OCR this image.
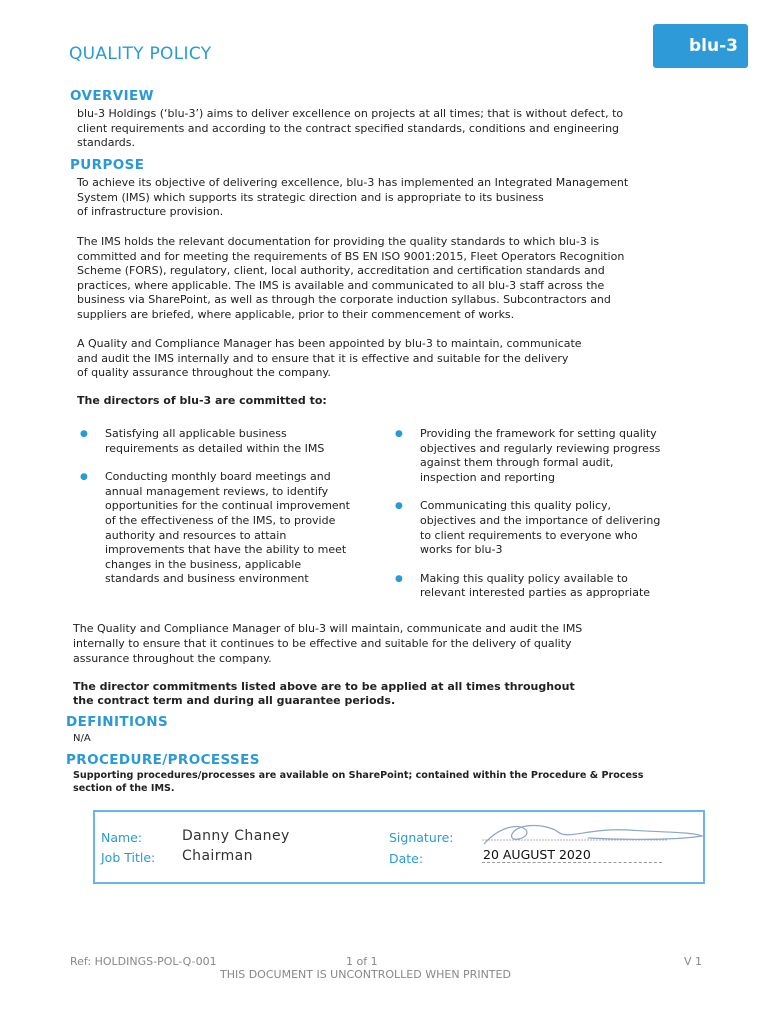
QUALITY POLICY	blu-3
OVERVIEW
blu-3 Holdings (‘blu-3’) aims to deliver excellence on projects at all times; that is without defect, to
client requirements and according to the contract specified standards, conditions and engineering
standards.
PURPOSE
To achieve its objective of delivering excellence, blu-3 has implemented an Integrated Management
System (IMS) which supports its strategic direction and is appropriate to its business
of infrastructure provision.
The IMS holds the relevant documentation for providing the quality standards to which blu-3 is
committed and for meeting the requirements of BS EN ISO 9001:2015, Fleet Operators Recognition
Scheme (FORS), regulatory, client, local authority, accreditation and certification standards and
practices, where applicable. The IMS is available and communicated to all blu-3 staff across the
business via SharePoint, as well as through the corporate induction syllabus. Subcontractors and
suppliers are briefed, where applicable, prior to their commencement of works.
A Quality and Compliance Manager has been appointed by blu-3 to maintain, communicate
and audit the IMS internally and to ensure that it is effective and suitable for the delivery
of quality assurance throughout the company.
The directors of blu-3 are committed to:
● Satisfying all applicable business
requirements as detailed within the IMS
● Conducting monthly board meetings and
annual management reviews, to identify
opportunities for the continual improvement
of the effectiveness of the IMS, to provide
authority and resources to attain
improvements that have the ability to meet
changes in the business, applicable
standards and business environment
● Providing the framework for setting quality
objectives and regularly reviewing progress
against them through formal audit,
inspection and reporting
● Communicating this quality policy,
objectives and the importance of delivering
to client requirements to everyone who
works for blu-3
● Making this quality policy available to
relevant interested parties as appropriate
The Quality and Compliance Manager of blu-3 will maintain, communicate and audit the IMS
internally to ensure that it continues to be effective and suitable for the delivery of quality
assurance throughout the company.
The director commitments listed above are to be applied at all times throughout
the contract term and during all guarantee periods.
DEFINITIONS
N/A
PROCEDURE/PROCESSES
Supporting procedures/processes are available on SharePoint; contained within the Procedure & Process
section of the IMS.
Name:	Danny Chaney
Job Title: Chairman
Signature:
Date:	20 AUGUST 2020
Ref: HOLDINGS-POL-Q-001	1 of 1	V 1
THIS DOCUMENT IS UNCONTROLLED WHEN PRINTED
